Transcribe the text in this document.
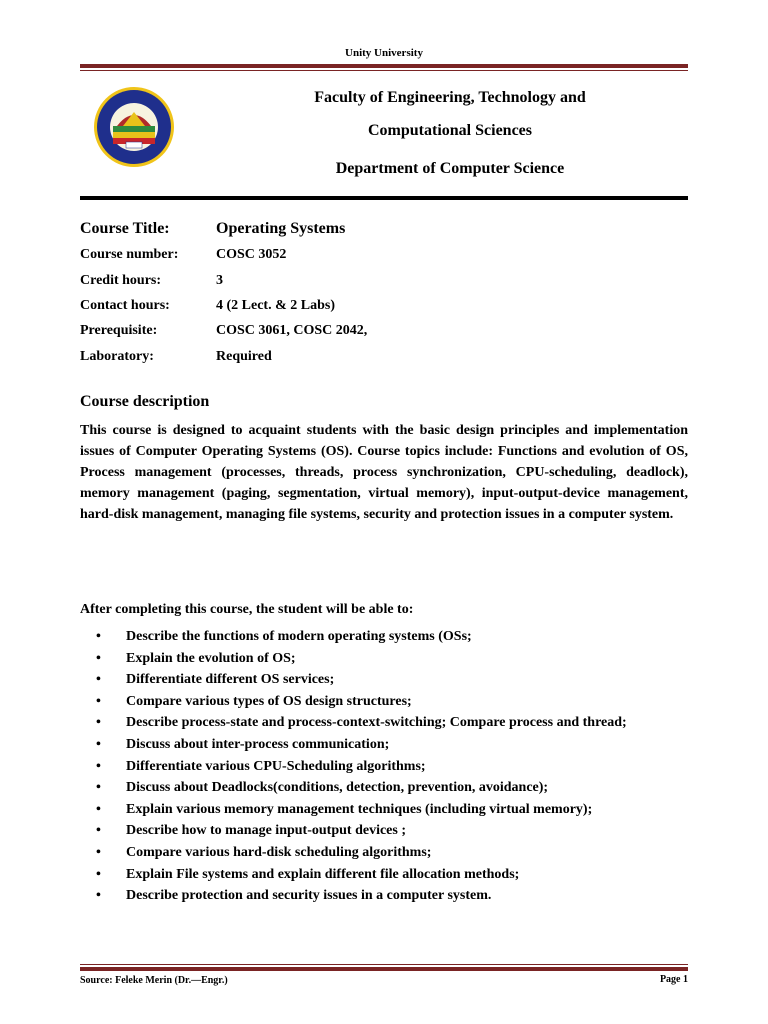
Unity University
Faculty of Engineering, Technology and
Computational Sciences
Department of Computer Science
Course Title:	Operating Systems
Course number:	COSC 3052
Credit hours:	3
Contact hours:	4 (2 Lect. & 2 Labs)
Prerequisite:	COSC 3061, COSC 2042,
Laboratory:	Required
Course description

This course is designed to acquaint students with the basic design principles and implementation issues of Computer Operating Systems (OS). Course topics include: Functions and evolution of OS, Process management (processes, threads, process synchronization, CPU-scheduling, deadlock), memory management (paging, segmentation, virtual memory), input-output-device management, hard-disk management, managing file systems, security and protection issues in a computer system.

After completing this course, the student will be able to:
• Describe the functions of modern operating systems (OSs;
• Explain the evolution of OS;
• Differentiate different OS services;
• Compare various types of OS design structures;
• Describe process-state and process-context-switching; Compare process and thread;
• Discuss about inter-process communication;
• Differentiate various CPU-Scheduling algorithms;
• Discuss about Deadlocks(conditions, detection, prevention, avoidance);
• Explain various memory management techniques (including virtual memory);
• Describe how to manage input-output devices ;
• Compare various hard-disk scheduling algorithms;
• Explain File systems and explain different file allocation methods;
• Describe protection and security issues in a computer system.
Source: Feleke Merin (Dr.—Engr.)	Page 1
